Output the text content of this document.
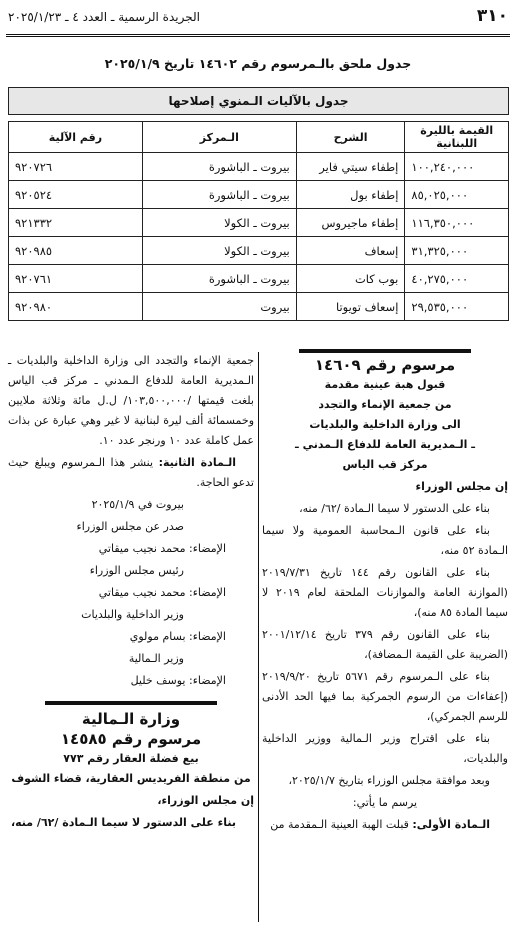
٣١٠
الجريدة الرسمية ـ العدد ٤ ـ ٢٠٢٥/١/٢٣
جدول ملحق بالـمرسوم رقم ١٤٦٠٢ تاريخ ٢٠٢٥/١/٩
جدول بالآليات الـمنوي إصلاحها			

القيمة بالليرة اللبنانية	الشرح	الـمركز	رقم الآلية
١٠٠,٢٤٠,٠٠٠	إطفاء سيتي فاير	بيروت ـ الباشورة	٩٢٠٧٢٦
٨٥,٠٢٥,٠٠٠	إطفاء بول	بيروت ـ الباشورة	٩٢٠٥٢٤
١١٦,٣٥٠,٠٠٠	إطفاء ماجيروس	بيروت ـ الكولا	٩٢١٣٣٢
٣١,٣٢٥,٠٠٠	إسعاف	بيروت ـ الكولا	٩٢٠٩٨٥
٤٠,٢٧٥,٠٠٠	بوب كات	بيروت ـ الباشورة	٩٢٠٧٦١
٢٩,٥٣٥,٠٠٠	إسعاف تويوتا	بيروت	٩٢٠٩٨٠
مرسوم رقم ١٤٦٠٩
قبول هبة عينية مقدمة
من جمعية الإنماء والتجدد
الى وزارة الداخلية والبلديات
ـ الـمديرية العامة للدفاع الـمدني ـ
مركز قب الياس
إن مجلس الوزراء
بناء على الدستور لا سيما الـمادة /٦٢/ منه،
بناء على قانون الـمحاسبة العمومية ولا سيما الـمادة ٥٢ منه،
بناء على القانون رقم ١٤٤ تاريخ ٢٠١٩/٧/٣١ (الموازنة العامة والموازنات الملحقة لعام ٢٠١٩ لا سيما المادة ٨٥ منه)،
بناء على القانون رقم ٣٧٩ تاريخ ٢٠٠١/١٢/١٤ (الضريبة على القيمة الـمضافة)،
بناء على الـمرسوم رقم ٥٦٧١ تاريخ ٢٠١٩/٩/٢٠ (إعفاءات من الرسوم الجمركية بما فيها الحد الأدنى للرسم الجمركي)،
بناء على اقتراح وزير الـمالية ووزير الداخلية والبلديات،
وبعد موافقة مجلس الوزراء بتاريخ ٢٠٢٥/١/٧،
يرسم ما يأتي:
الـمادة الأولى: قبلت الهبة العينية الـمقدمة من
جمعية الإنماء والتجدد الى وزارة الداخلية والبلديات ـ الـمديرية العامة للدفاع الـمدني ـ مركز قب الياس بلغت قيمتها /١٠٣,٥٠٠,٠٠٠/ ل.ل مائة وثلاثة ملايين وخمسمائة ألف ليرة لبنانية لا غير وهي عبارة عن بذات عمل كاملة عدد ١٠ ورنجر عدد ١٠.
الـمادة الثانية: ينشر هذا الـمرسوم ويبلغ حيث تدعو الحاجة.
بيروت في ٢٠٢٥/١/٩
صدر عن مجلس الوزراء
الإمضاء: محمد نجيب ميقاتي
رئيس مجلس الوزراء
الإمضاء: محمد نجيب ميقاتي
وزير الداخلية والبلديات
الإمضاء: بسام مولوي
وزير الـمالية
الإمضاء: يوسف خليل
وزارة الـمالية
مرسوم رقم ١٤٥٨٥
بيع فضلة العقار رقم ٧٧٣
من منطقة الفريديس العقارية، قضاء الشوف
إن مجلس الوزراء،
بناء على الدستور لا سيما الـمادة /٦٢/ منه،
